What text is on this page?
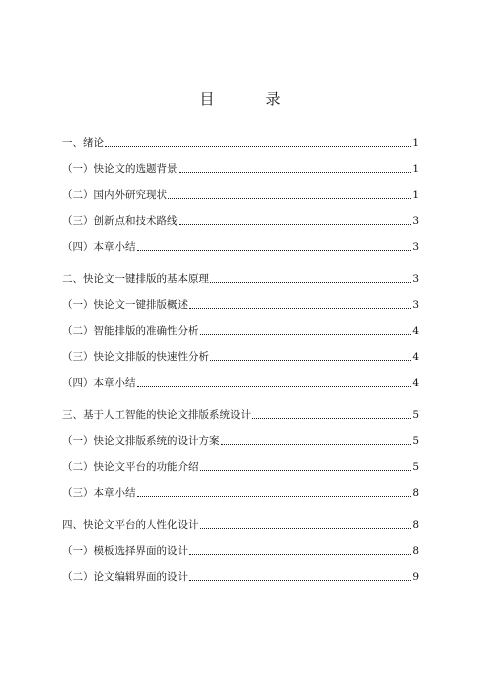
目　录
一、绪论	1
（一）快论文的选题背景	1
（二）国内外研究现状	1
（三）创新点和技术路线	3
（四）本章小结	3
二、快论文一键排版的基本原理	3
（一）快论文一键排版概述	3
（二）智能排版的准确性分析	4
（三）快论文排版的快速性分析	4
（四）本章小结	4
三、基于人工智能的快论文排版系统设计	5
（一）快论文排版系统的设计方案	5
（二）快论文平台的功能介绍	5
（三）本章小结	8
四、快论文平台的人性化设计	8
（一）模板选择界面的设计	8
（二）论文编辑界面的设计	9
